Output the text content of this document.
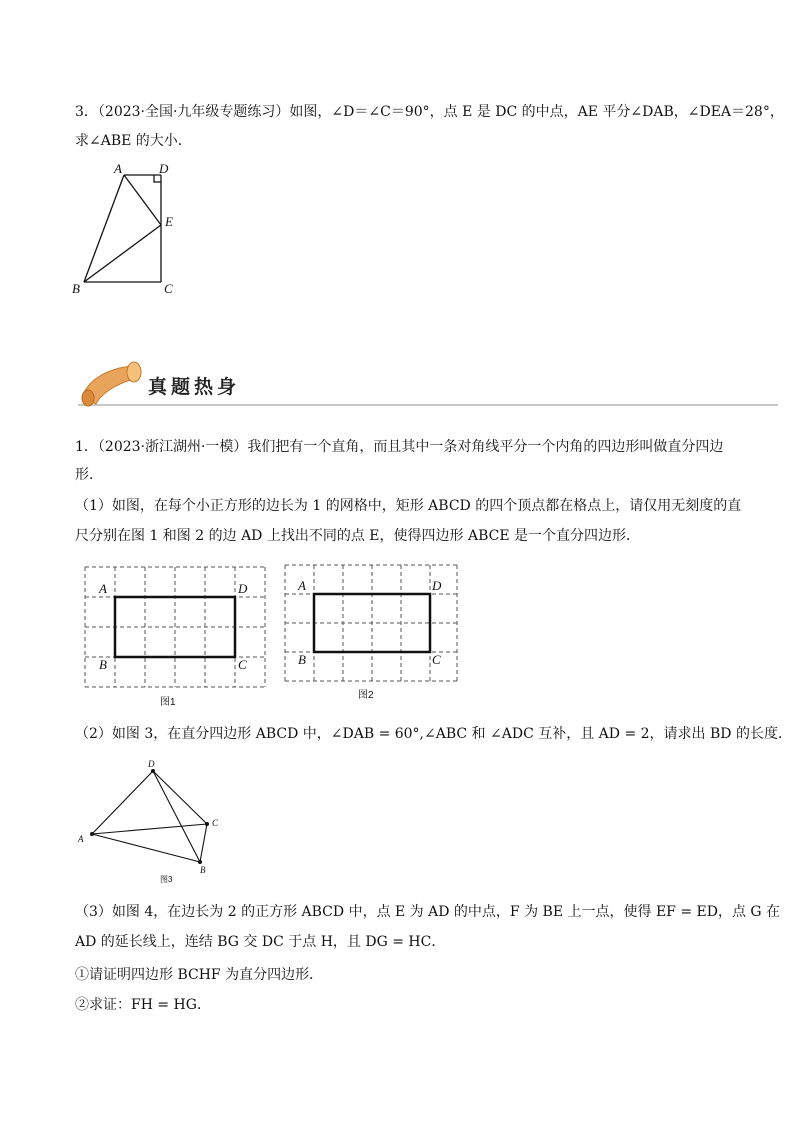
3．（2023·全国·九年级专题练习）如图，∠D＝∠C＝90°，点 E 是 DC 的中点，AE 平分∠DAB，∠DEA＝28°，
求∠ABE 的大小．
A	D
E
B	C
真题热身
1．（2023·浙江湖州·一模）我们把有一个直角，而且其中一条对角线平分一个内角的四边形叫做直分四边
形．
（1）如图，在每个小正方形的边长为 1 的网格中，矩形 ABCD 的四个顶点都在格点上，请仅用无刻度的直
尺分别在图 1 和图 2 的边 AD 上找出不同的点 E，使得四边形 ABCE 是一个直分四边形．
A	D
B	C
图1
A	D
B	C
图2
（2）如图 3，在直分四边形 ABCD 中，∠DAB = 60°,∠ABC 和 ∠ADC 互补，且 AD = 2，请求出 BD 的长度．
D
A
C
B
图3
（3）如图 4，在边长为 2 的正方形 ABCD 中，点 E 为 AD 的中点，F 为 BE 上一点，使得 EF = ED，点 G 在
AD 的延长线上，连结 BG 交 DC 于点 H，且 DG = HC．
①请证明四边形 BCHF 为直分四边形．
②求证：FH = HG．
